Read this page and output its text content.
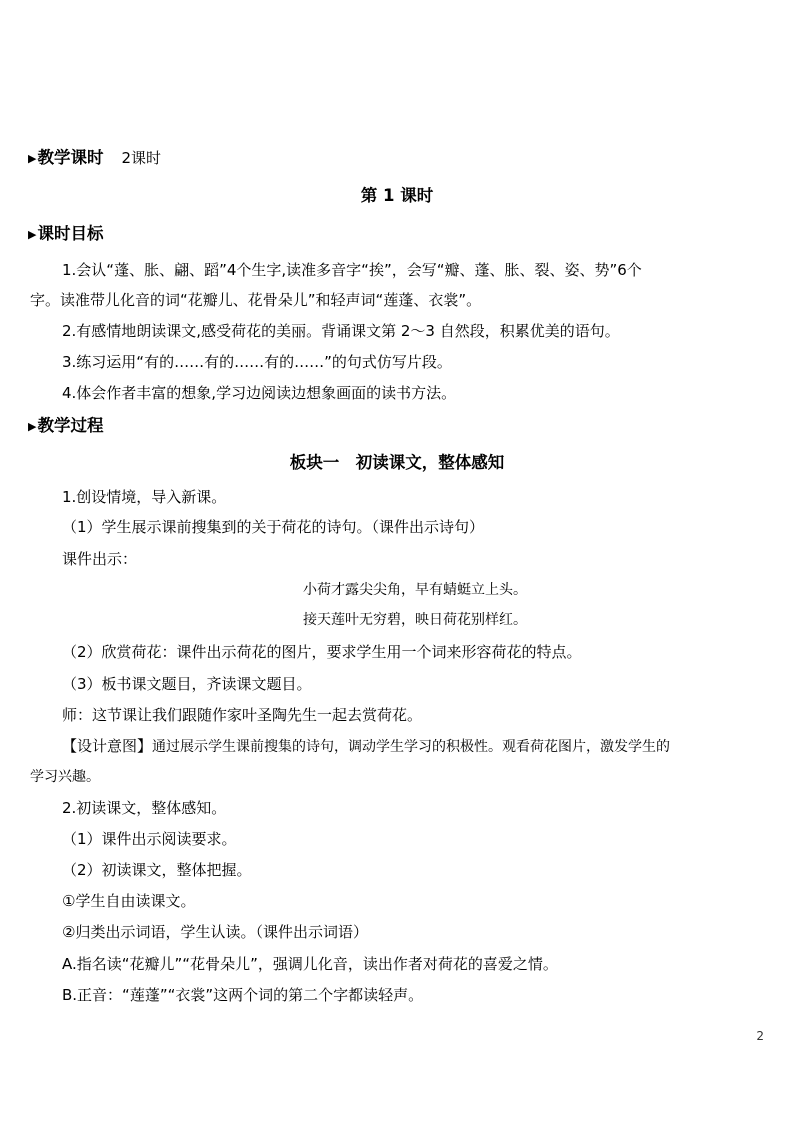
▶教学课时 2课时
第 1 课时
▶课时目标
1.会认“蓬、胀、翩、蹈”4个生字,读准多音字“挨”，会写“瓣、蓬、胀、裂、姿、势”6个
字。读准带儿化音的词“花瓣儿、花骨朵儿”和轻声词“莲蓬、衣裳”。
2.有感情地朗读课文,感受荷花的美丽。背诵课文第 2～3 自然段，积累优美的语句。
3.练习运用“有的……有的……有的……”的句式仿写片段。
4.体会作者丰富的想象,学习边阅读边想象画面的读书方法。
▶教学过程
板块一　初读课文，整体感知
1.创设情境，导入新课。
（1）学生展示课前搜集到的关于荷花的诗句。（课件出示诗句）
课件出示：
小荷才露尖尖角，早有蜻蜓立上头。
接天莲叶无穷碧，映日荷花别样红。
（2）欣赏荷花：课件出示荷花的图片，要求学生用一个词来形容荷花的特点。
（3）板书课文题目，齐读课文题目。
师：这节课让我们跟随作家叶圣陶先生一起去赏荷花。
【设计意图】通过展示学生课前搜集的诗句，调动学生学习的积极性。观看荷花图片，激发学生的
学习兴趣。
2.初读课文，整体感知。
（1）课件出示阅读要求。
（2）初读课文，整体把握。
①学生自由读课文。
②归类出示词语，学生认读。（课件出示词语）
A.指名读“花瓣儿”“花骨朵儿”，强调儿化音，读出作者对荷花的喜爱之情。
B.正音：“莲蓬”“衣裳”这两个词的第二个字都读轻声。
2
